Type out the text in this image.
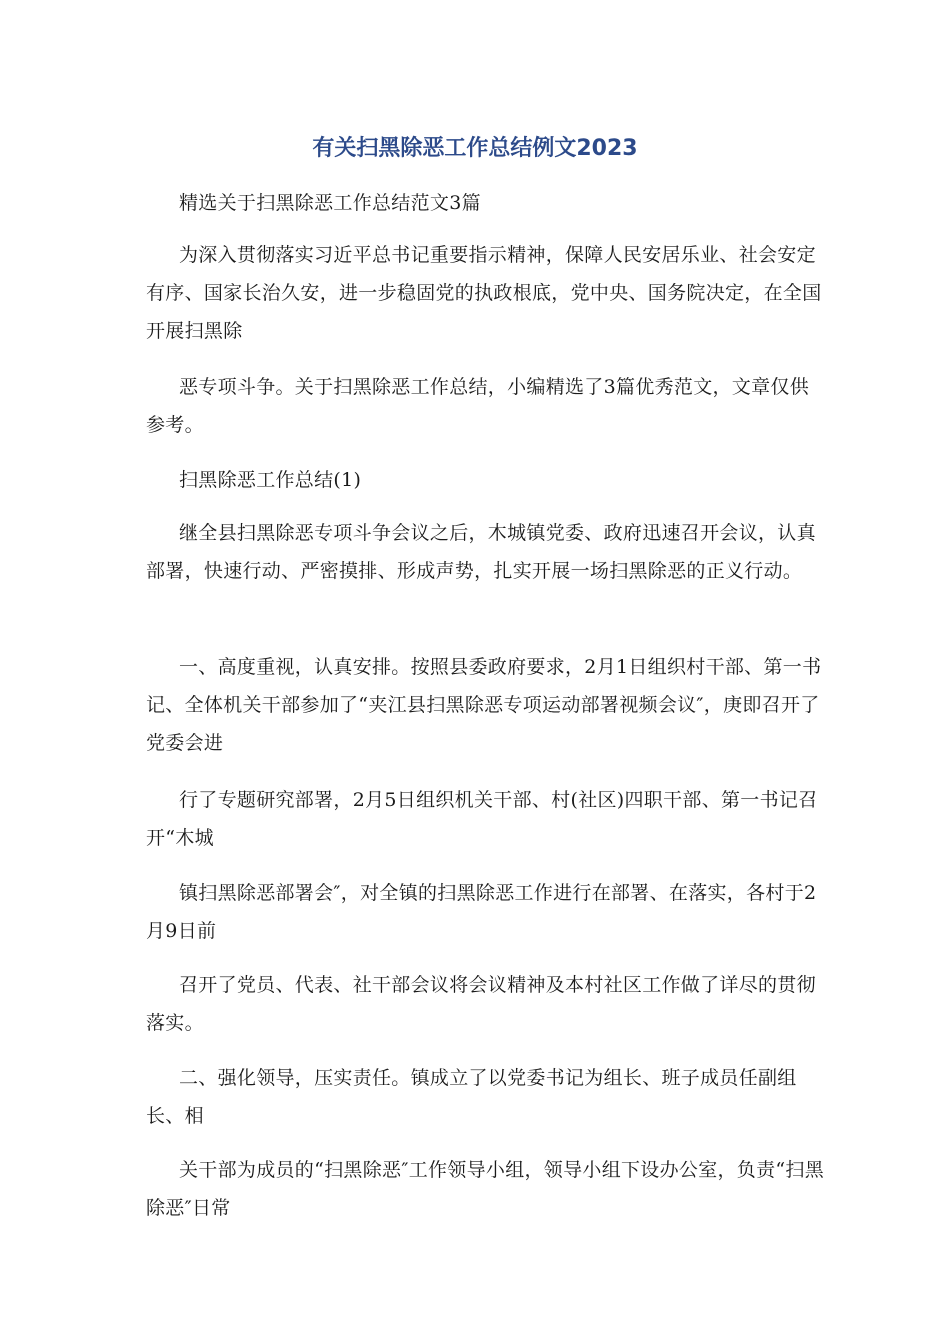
有关扫黑除恶工作总结例文2023

精选关于扫黑除恶工作总结范文3篇

为深入贯彻落实习近平总书记重要指示精神，保障人民安居乐业、社会安定有序、国家长治久安，进一步稳固党的执政根底，党中央、国务院决定，在全国开展扫黑除

恶专项斗争。关于扫黑除恶工作总结，小编精选了3篇优秀范文，文章仅供参考。

扫黑除恶工作总结(1)

继全县扫黑除恶专项斗争会议之后，木城镇党委、政府迅速召开会议，认真部署，快速行动、严密摸排、形成声势，扎实开展一场扫黑除恶的正义行动。

一、高度重视，认真安排。按照县委政府要求，2月1日组织村干部、第一书记、全体机关干部参加了“夹江县扫黑除恶专项运动部署视频会议″，庚即召开了党委会进

行了专题研究部署，2月5日组织机关干部、村(社区)四职干部、第一书记召开“木城

镇扫黑除恶部署会″，对全镇的扫黑除恶工作进行在部署、在落实，各村于2月9日前

召开了党员、代表、社干部会议将会议精神及本村社区工作做了详尽的贯彻落实。

二、强化领导，压实责任。镇成立了以党委书记为组长、班子成员任副组长、相

关干部为成员的“扫黑除恶″工作领导小组，领导小组下设办公室，负责“扫黑除恶″日常
